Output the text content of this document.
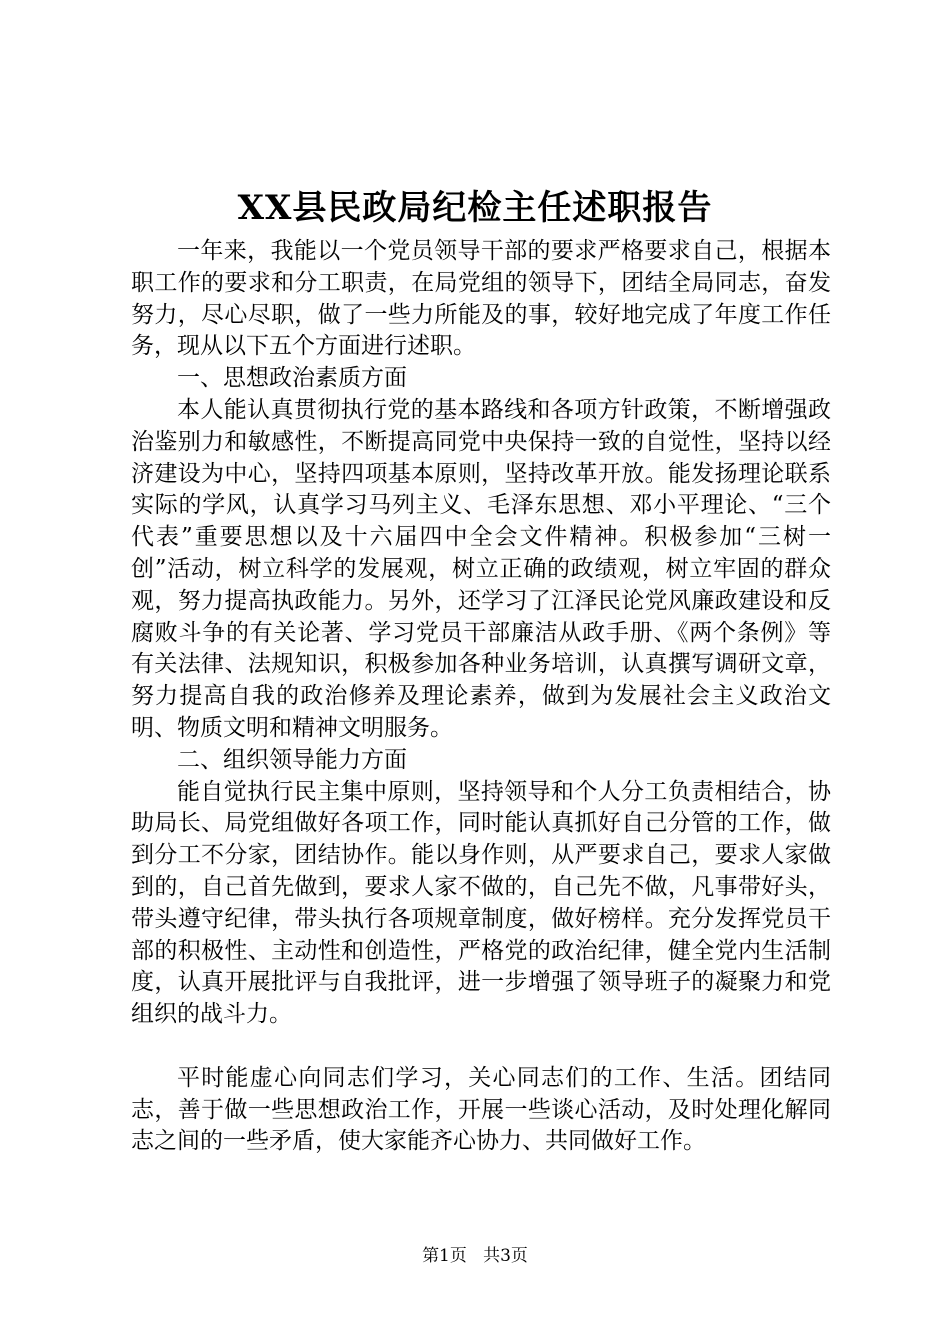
XX县民政局纪检主任述职报告

一年来，我能以一个党员领导干部的要求严格要求自己，根据本职工作的要求和分工职责，在局党组的领导下，团结全局同志，奋发努力，尽心尽职，做了一些力所能及的事，较好地完成了年度工作任务，现从以下五个方面进行述职。

一、思想政治素质方面

本人能认真贯彻执行党的基本路线和各项方针政策，不断增强政治鉴别力和敏感性，不断提高同党中央保持一致的自觉性，坚持以经济建设为中心，坚持四项基本原则，坚持改革开放。能发扬理论联系实际的学风，认真学习马列主义、毛泽东思想、邓小平理论、“三个代表”重要思想以及十六届四中全会文件精神。积极参加“三树一创”活动，树立科学的发展观，树立正确的政绩观，树立牢固的群众观，努力提高执政能力。另外，还学习了江泽民论党风廉政建设和反腐败斗争的有关论著、学习党员干部廉洁从政手册、《两个条例》等有关法律、法规知识，积极参加各种业务培训，认真撰写调研文章，努力提高自我的政治修养及理论素养，做到为发展社会主义政治文明、物质文明和精神文明服务。

二、组织领导能力方面

能自觉执行民主集中原则，坚持领导和个人分工负责相结合，协助局长、局党组做好各项工作，同时能认真抓好自己分管的工作，做到分工不分家，团结协作。能以身作则，从严要求自己，要求人家做到的，自己首先做到，要求人家不做的，自己先不做，凡事带好头，带头遵守纪律，带头执行各项规章制度，做好榜样。充分发挥党员干部的积极性、主动性和创造性，严格党的政治纪律，健全党内生活制度，认真开展批评与自我批评，进一步增强了领导班子的凝聚力和党组织的战斗力。

平时能虚心向同志们学习，关心同志们的工作、生活。团结同志，善于做一些思想政治工作，开展一些谈心活动，及时处理化解同志之间的一些矛盾，使大家能齐心协力、共同做好工作。

第1页 共3页
